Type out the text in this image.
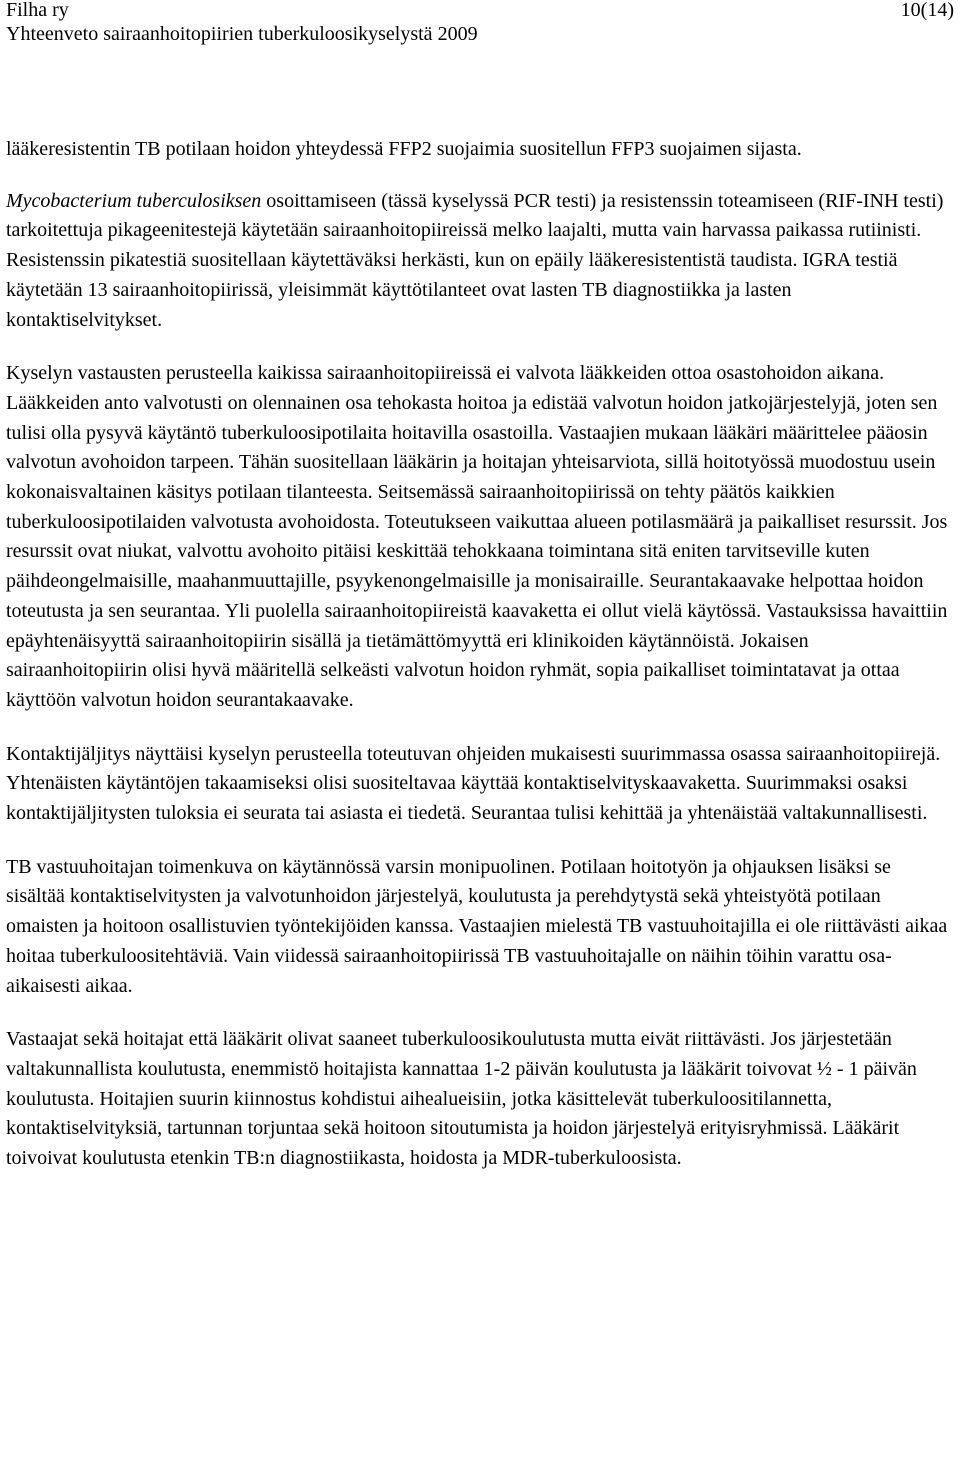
Filha ry	10(14)
Yhteenveto sairaanhoitopiirien tuberkuloosikyselystä 2009

lääkeresistentin TB potilaan hoidon yhteydessä FFP2 suojaimia suositellun FFP3 suojaimen sijasta.

Mycobacterium tuberculosiksen osoittamiseen (tässä kyselyssä PCR testi) ja resistenssin toteamiseen (RIF-INH testi) tarkoitettuja pikageenitestejä käytetään sairaanhoitopiireissä melko laajalti, mutta vain harvassa paikassa rutiinisti. Resistenssin pikatestiä suositellaan käytettäväksi herkästi, kun on epäily lääkeresistentistä taudista. IGRA testiä käytetään 13 sairaanhoitopiirissä, yleisimmät käyttötilanteet ovat lasten TB diagnostiikka ja lasten kontaktiselvitykset.

Kyselyn vastausten perusteella kaikissa sairaanhoitopiireissä ei valvota lääkkeiden ottoa osastohoidon aikana. Lääkkeiden anto valvotusti on olennainen osa tehokasta hoitoa ja edistää valvotun hoidon jatkojärjestelyjä, joten sen tulisi olla pysyvä käytäntö tuberkuloosipotilaita hoitavilla osastoilla. Vastaajien mukaan lääkäri määrittelee pääosin valvotun avohoidon tarpeen. Tähän suositellaan lääkärin ja hoitajan yhteisarviota, sillä hoitotyössä muodostuu usein kokonaisvaltainen käsitys potilaan tilanteesta. Seitsemässä sairaanhoitopiirissä on tehty päätös kaikkien tuberkuloosipotilaiden valvotusta avohoidosta. Toteutukseen vaikuttaa alueen potilasmäärä ja paikalliset resurssit. Jos resurssit ovat niukat, valvottu avohoito pitäisi keskittää tehokkaana toimintana sitä eniten tarvitseville kuten päihdeongelmaisille, maahanmuuttajille, psyykenongelmaisille ja monisairaille. Seurantakaavake helpottaa hoidon toteutusta ja sen seurantaa. Yli puolella sairaanhoitopiireistä kaavaketta ei ollut vielä käytössä. Vastauksissa havaittiin epäyhtenäisyyttä sairaanhoitopiirin sisällä ja tietämättömyyttä eri klinikoiden käytännöistä. Jokaisen sairaanhoitopiirin olisi hyvä määritellä selkeästi valvotun hoidon ryhmät, sopia paikalliset toimintatavat ja ottaa käyttöön valvotun hoidon seurantakaavake.

Kontaktijäljitys näyttäisi kyselyn perusteella toteutuvan ohjeiden mukaisesti suurimmassa osassa sairaanhoitopiirejä. Yhtenäisten käytäntöjen takaamiseksi olisi suositeltavaa käyttää kontaktiselvityskaavaketta. Suurimmaksi osaksi kontaktijäljitysten tuloksia ei seurata tai asiasta ei tiedetä. Seurantaa tulisi kehittää ja yhtenäistää valtakunnallisesti.

TB vastuuhoitajan toimenkuva on käytännössä varsin monipuolinen. Potilaan hoitotyön ja ohjauksen lisäksi se sisältää kontaktiselvitysten ja valvotunhoidon järjestelyä, koulutusta ja perehdytystä sekä yhteistyötä potilaan omaisten ja hoitoon osallistuvien työntekijöiden kanssa. Vastaajien mielestä TB vastuuhoitajilla ei ole riittävästi aikaa hoitaa tuberkuloositehtäviä. Vain viidessä sairaanhoitopiirissä TB vastuuhoitajalle on näihin töihin varattu osa-aikaisesti aikaa.

Vastaajat sekä hoitajat että lääkärit olivat saaneet tuberkuloosikoulutusta mutta eivät riittävästi. Jos järjestetään valtakunnallista koulutusta, enemmistö hoitajista kannattaa 1-2 päivän koulutusta ja lääkärit toivovat ½ - 1 päivän koulutusta. Hoitajien suurin kiinnostus kohdistui aihealueisiin, jotka käsittelevät tuberkuloositilannetta, kontaktiselvityksiä, tartunnan torjuntaa sekä hoitoon sitoutumista ja hoidon järjestelyä erityisryhmissä. Lääkärit toivoivat koulutusta etenkin TB:n diagnostiikasta, hoidosta ja MDR-tuberkuloosista.
